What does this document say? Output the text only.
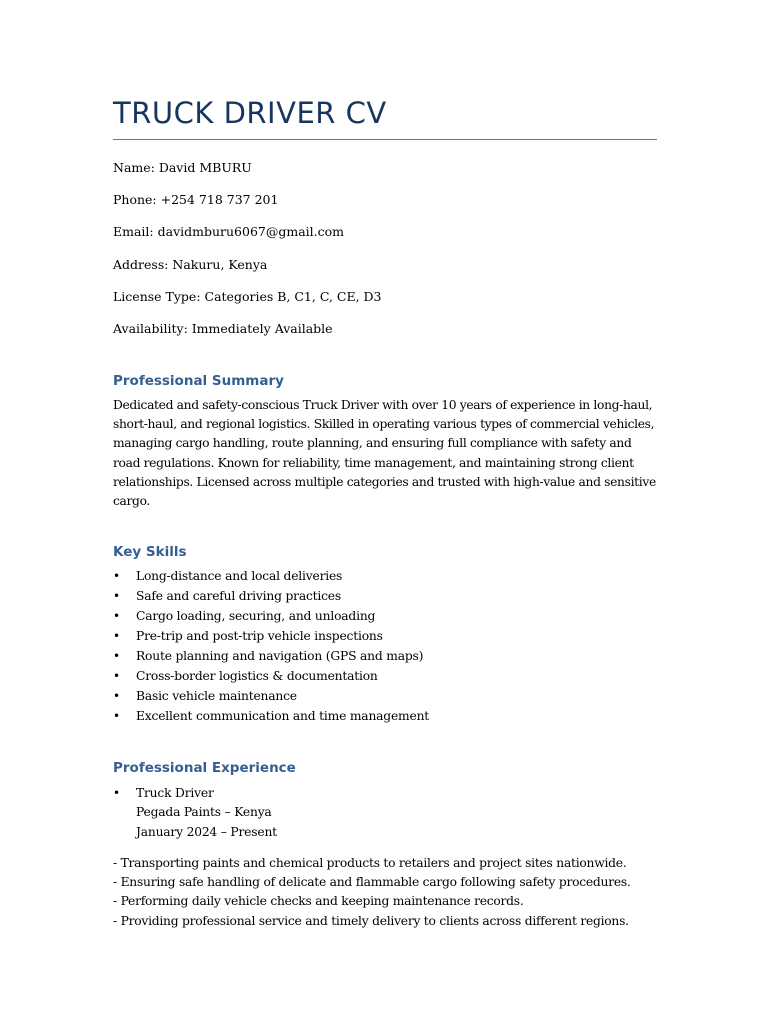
TRUCK DRIVER CV
Name: David MBURU
Phone: +254 718 737 201
Email: davidmburu6067@gmail.com
Address: Nakuru, Kenya
License Type: Categories B, C1, C, CE, D3
Availability: Immediately Available
Professional Summary

Dedicated and safety-conscious Truck Driver with over 10 years of experience in long-haul, short-haul, and regional logistics. Skilled in operating various types of commercial vehicles, managing cargo handling, route planning, and ensuring full compliance with safety and road regulations. Known for reliability, time management, and maintaining strong client relationships. Licensed across multiple categories and trusted with high-value and sensitive cargo.

Key Skills
• Long-distance and local deliveries
• Safe and careful driving practices
• Cargo loading, securing, and unloading
• Pre-trip and post-trip vehicle inspections
• Route planning and navigation (GPS and maps)
• Cross-border logistics & documentation
• Basic vehicle maintenance
• Excellent communication and time management
Professional Experience
•	Truck Driver
Pegada Paints – Kenya
January 2024 – Present
- Transporting paints and chemical products to retailers and project sites nationwide.
- Ensuring safe handling of delicate and flammable cargo following safety procedures.
- Performing daily vehicle checks and keeping maintenance records.
- Providing professional service and timely delivery to clients across different regions.
